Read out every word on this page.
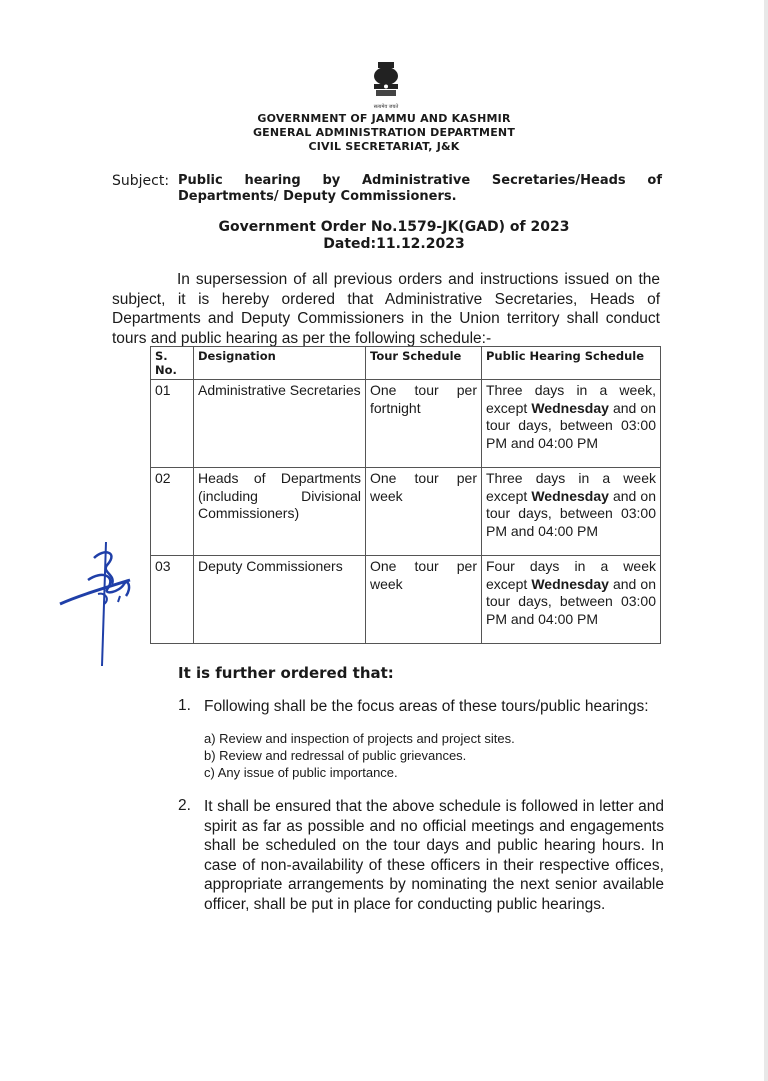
सत्यमेव जयते
GOVERNMENT OF JAMMU AND KASHMIR
GENERAL ADMINISTRATION DEPARTMENT
CIVIL SECRETARIAT, J&K
Subject: Public hearing by Administrative Secretaries/Heads of
Departments/ Deputy Commissioners.
Government Order No.1579-JK(GAD) of 2023
Dated:11.12.2023
In supersession of all previous orders and instructions issued on the subject, it is hereby ordered that Administrative Secretaries, Heads of Departments and Deputy Commissioners in the Union territory shall conduct tours and public hearing as per the following schedule:-
S. No.	Designation	Tour Schedule	Public Hearing Schedule
01	Administrative Secretaries	One tour per fortnight	Three days in a week, except Wednesday and on tour days, between 03:00 PM and 04:00 PM
02	Heads of Departments (including Divisional Commissioners)	One tour per week	Three days in a week except Wednesday and on tour days, between 03:00 PM and 04:00 PM
03	Deputy Commissioners	One tour per week	Four days in a week except Wednesday and on tour days, between 03:00 PM and 04:00 PM
It is further ordered that:
1. Following shall be the focus areas of these tours/public hearings:
a) Review and inspection of projects and project sites.
b) Review and redressal of public grievances.
c) Any issue of public importance.
2. It shall be ensured that the above schedule is followed in letter and spirit as far as possible and no official meetings and engagements shall be scheduled on the tour days and public hearing hours. In case of non-availability of these officers in their respective offices, appropriate arrangements by nominating the next senior available officer, shall be put in place for conducting public hearings.
